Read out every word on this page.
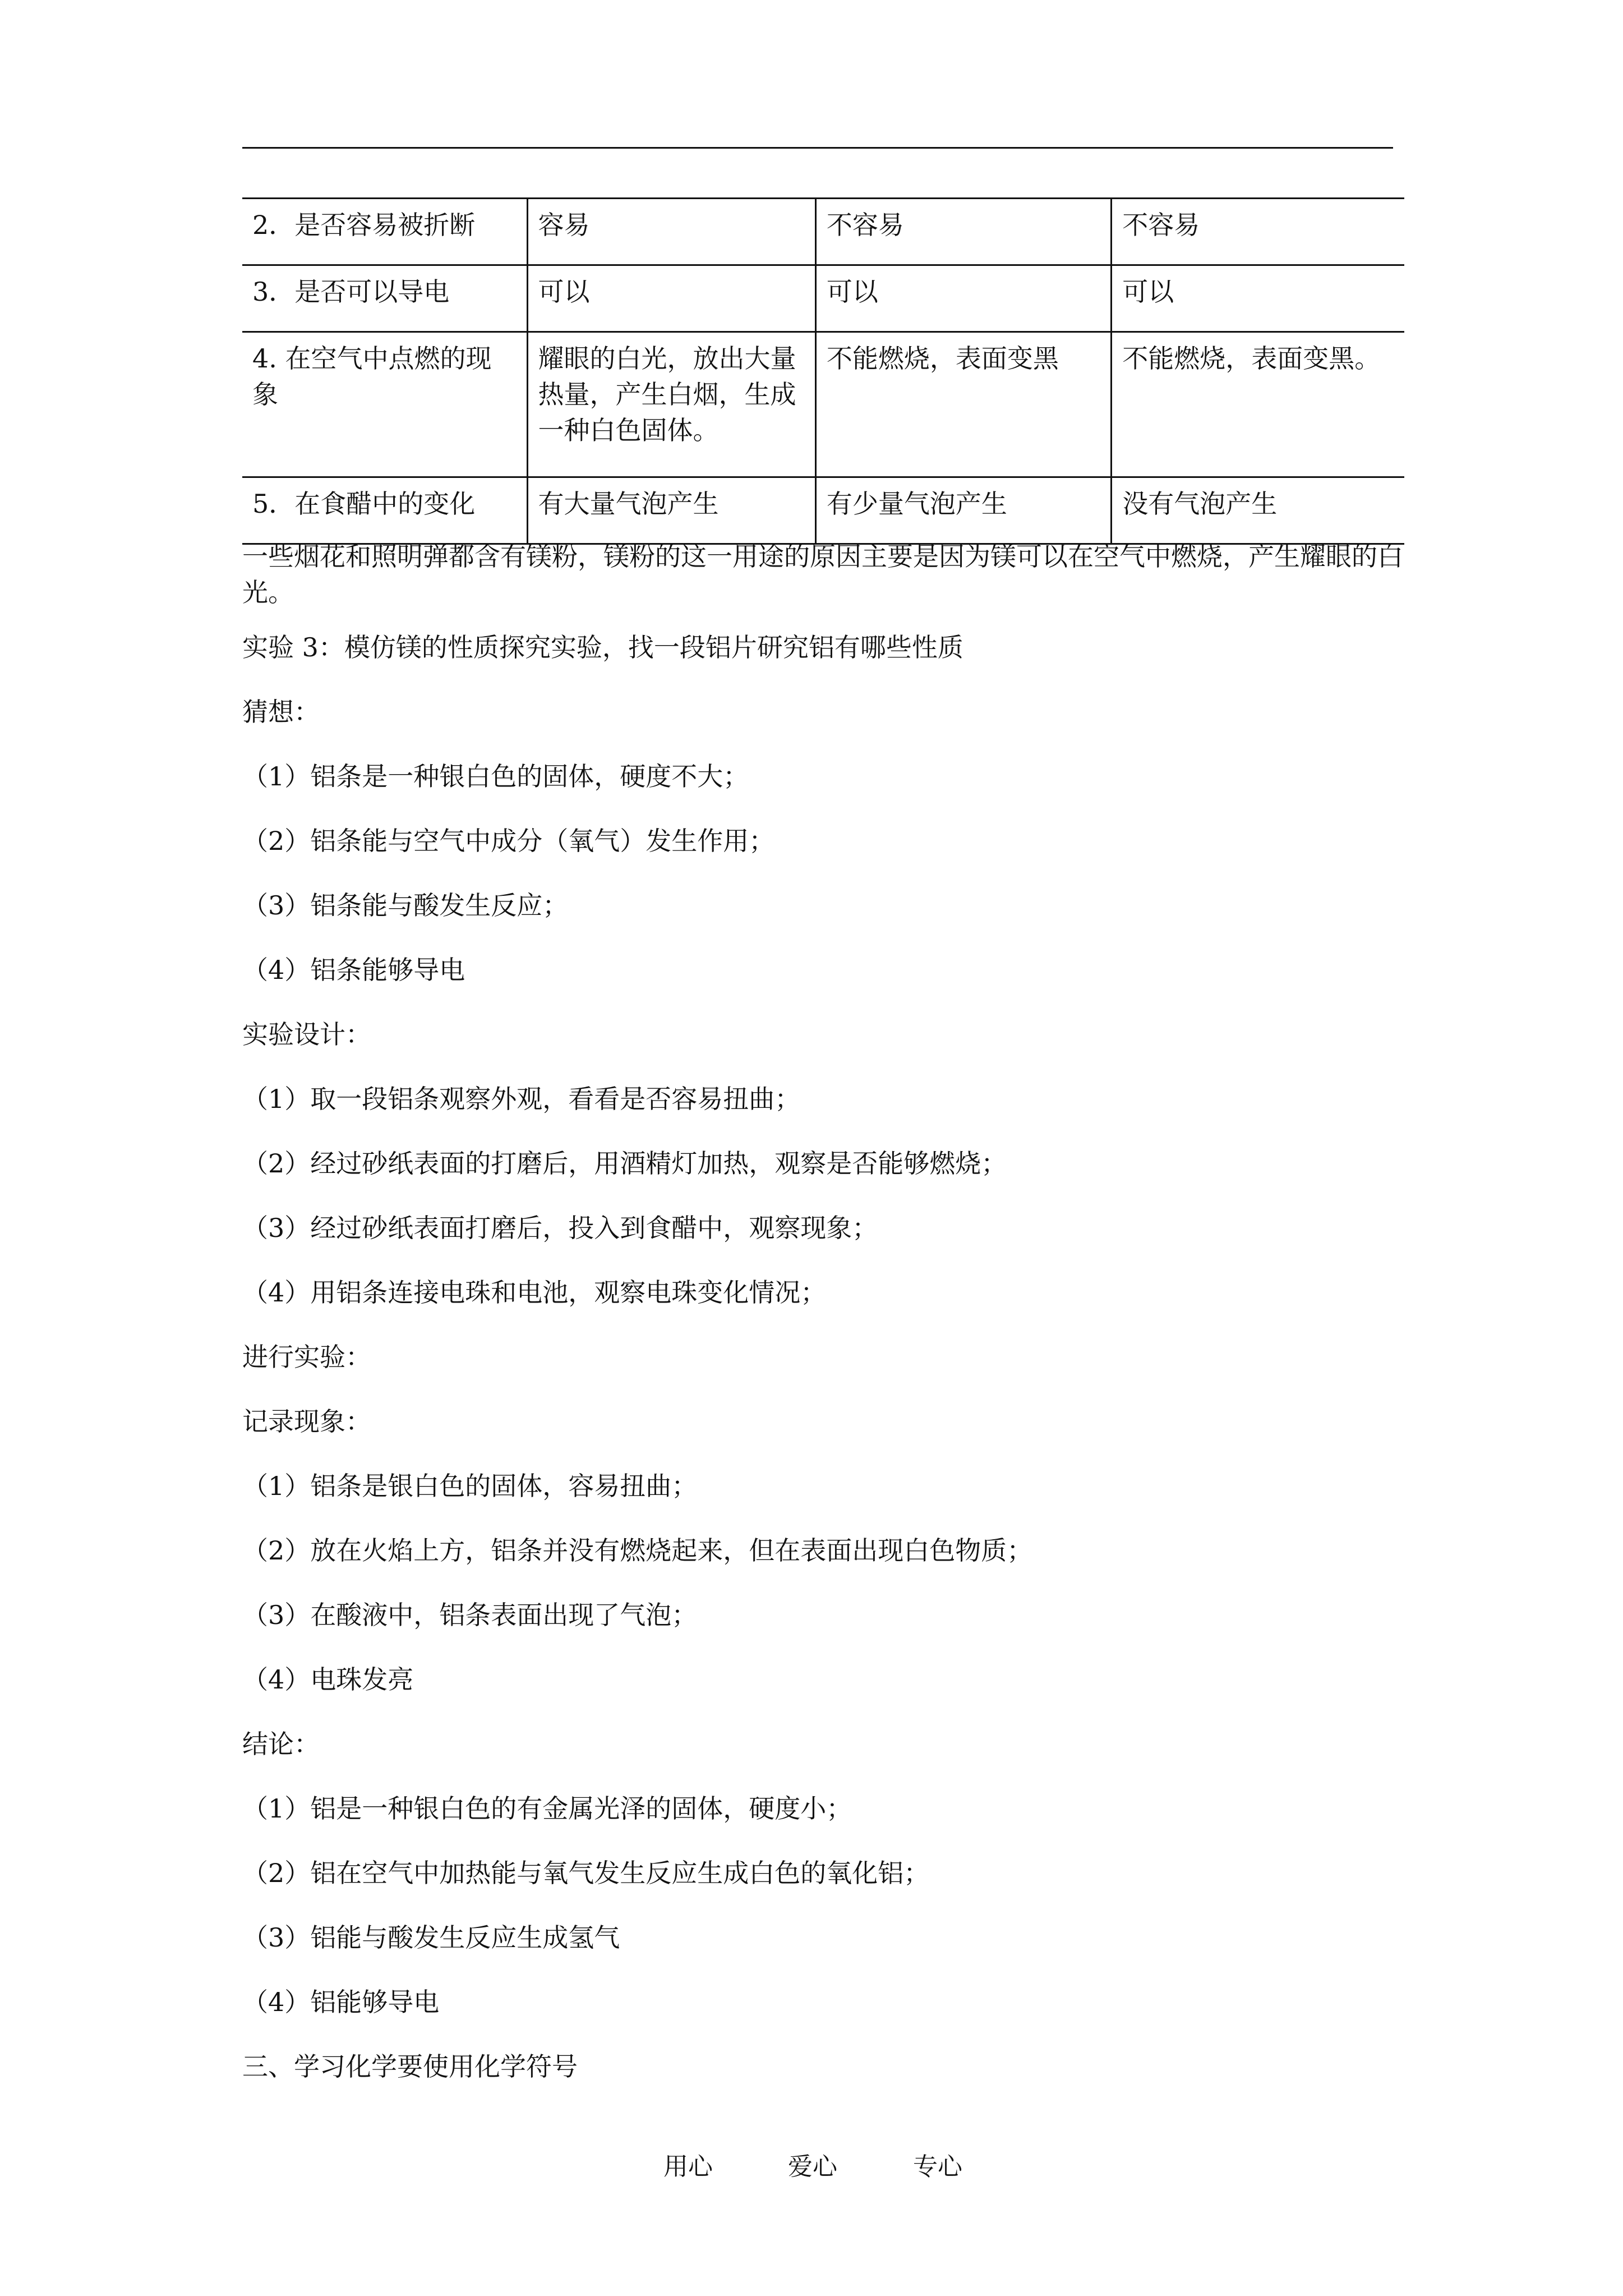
2．是否容易被折断	容易	不容易	不容易
3．是否可以导电	可以	可以	可以
4. 在空气中点燃的现象	耀眼的白光，放出大量热量，产生白烟，生成一种白色固体。	不能燃烧，表面变黑	不能燃烧，表面变黑。
5．在食醋中的变化	有大量气泡产生	有少量气泡产生	没有气泡产生

一些烟花和照明弹都含有镁粉，镁粉的这一用途的原因主要是因为镁可以在空气中燃烧，产生耀眼的白光。

实验 3：模仿镁的性质探究实验，找一段铝片研究铝有哪些性质

猜想：

（1）铝条是一种银白色的固体，硬度不大；

（2）铝条能与空气中成分（氧气）发生作用；

（3）铝条能与酸发生反应；

（4）铝条能够导电

实验设计：

（1）取一段铝条观察外观，看看是否容易扭曲；

（2）经过砂纸表面的打磨后，用酒精灯加热，观察是否能够燃烧；

（3）经过砂纸表面打磨后，投入到食醋中，观察现象；

（4）用铝条连接电珠和电池，观察电珠变化情况；

进行实验：

记录现象：

（1）铝条是银白色的固体，容易扭曲；

（2）放在火焰上方，铝条并没有燃烧起来，但在表面出现白色物质；

（3）在酸液中，铝条表面出现了气泡；

（4）电珠发亮

结论：

（1）铝是一种银白色的有金属光泽的固体，硬度小；

（2）铝在空气中加热能与氧气发生反应生成白色的氧化铝；

（3）铝能与酸发生反应生成氢气

（4）铝能够导电

三、学习化学要使用化学符号

用心	爱心	专心
